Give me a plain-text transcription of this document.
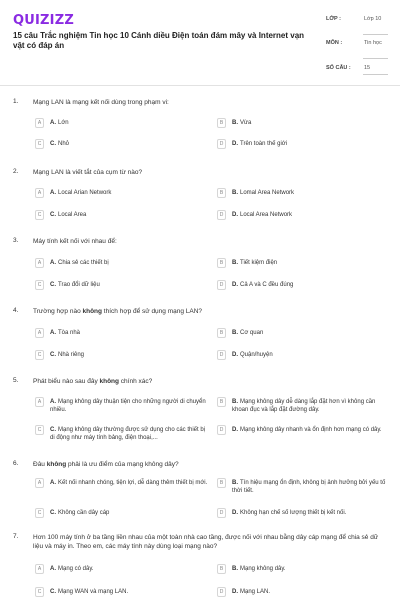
QUIZIZZ
15 câu Trắc nghiệm Tin học 10 Cánh diều Điện toán đám mây và Internet vạn vật có đáp án
LỚP :	Lớp 10
MÔN :	Tin học
SỐ CÂU : 15
1. Mạng LAN là mạng kết nối dùng trong phạm vi:
A	A. Lớn	B	B. Vừa
C	C. Nhỏ	D	D. Trên toàn thế giới
2. Mạng LAN là viết tắt của cụm từ nào?
A	A. Local Arian Network	B	B. Lomal Area Network
C	C. Local Area	D	D. Local Area Network
3. Máy tính kết nối với nhau để:
A	A. Chia sẻ các thiết bị	B	B. Tiết kiệm điện
C	C. Trao đổi dữ liệu	D	D. Cả A và C đều đúng
4. Trường hợp nào không thích hợp để sử dụng mạng LAN?
A	A. Tòa nhà	B	B. Cơ quan
C	C. Nhà riêng	D	D. Quận/huyện
5. Phát biểu nào sau đây không chính xác?
A	A. Mạng không dây thuận tiện cho những người di chuyển nhiều.
B	B. Mạng không dây dễ dàng lắp đặt hơn vì không cần khoan đục và lắp đặt đường dây.
C	C. Mạng không dây thường được sử dụng cho các thiết bị di động như máy tính bảng, điện thoại,...
D	D. Mạng không dây nhanh và ổn định hơn mạng có dây.
6. Đâu không phải là ưu điểm của mạng không dây?
A	A. Kết nối nhanh chóng, tiện lợi, dễ dàng thêm thiết bị mới.	B	B. Tín hiệu mạng ổn định, không bị ảnh hưởng bởi yếu tố thời tiết.
C	C. Không cần dây cáp	D	D. Không hạn chế số lượng thiết bị kết nối.
7. Hơn 100 máy tính ở ba tầng liền nhau của một toàn nhà cao tầng, được nối với nhau bằng dây cáp mạng để chia sẻ dữ liệu và máy in. Theo em, các máy tính này dùng loại mạng nào?
A	A. Mạng có dây.	B	B. Mạng không dây.
C	C. Mạng WAN và mạng LAN.	D	D. Mạng LAN.
